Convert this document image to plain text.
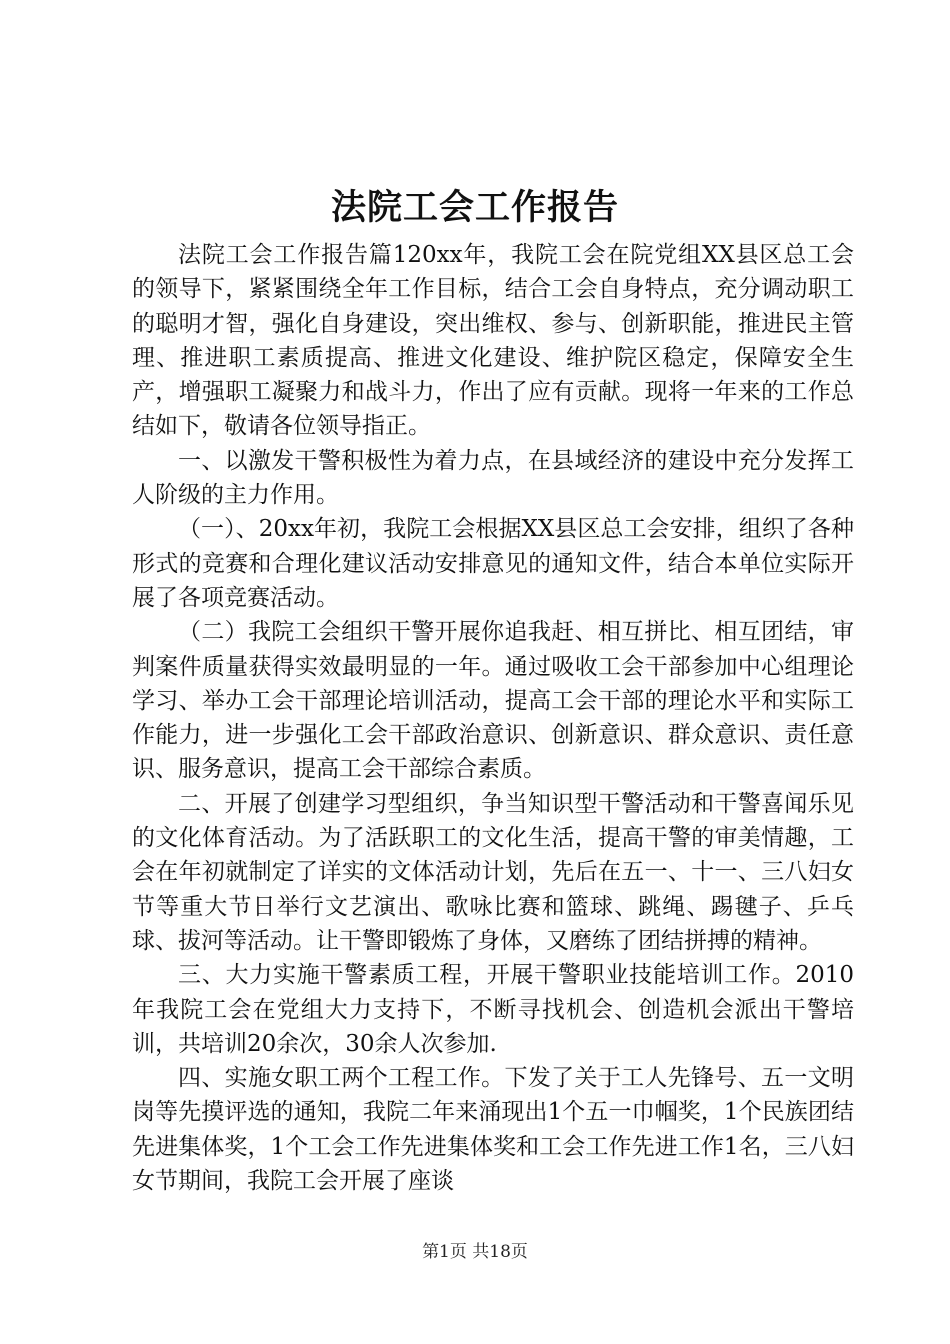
法院工会工作报告

法院工会工作报告篇120xx年，我院工会在院党组XX县区总工会的领导下，紧紧围绕全年工作目标，结合工会自身特点，充分调动职工的聪明才智，强化自身建设，突出维权、参与、创新职能，推进民主管理、推进职工素质提高、推进文化建设、维护院区稳定，保障安全生产，增强职工凝聚力和战斗力，作出了应有贡献。现将一年来的工作总结如下，敬请各位领导指正。

一、以激发干警积极性为着力点，在县域经济的建设中充分发挥工人阶级的主力作用。

（一）、20xx年初，我院工会根据XX县区总工会安排，组织了各种形式的竞赛和合理化建议活动安排意见的通知文件，结合本单位实际开展了各项竞赛活动。

（二）我院工会组织干警开展你追我赶、相互拼比、相互团结，审判案件质量获得实效最明显的一年。通过吸收工会干部参加中心组理论学习、举办工会干部理论培训活动，提高工会干部的理论水平和实际工作能力，进一步强化工会干部政治意识、创新意识、群众意识、责任意识、服务意识，提高工会干部综合素质。

二、开展了创建学习型组织，争当知识型干警活动和干警喜闻乐见的文化体育活动。为了活跃职工的文化生活，提高干警的审美情趣，工会在年初就制定了详实的文体活动计划，先后在五一、十一、三八妇女节等重大节日举行文艺演出、歌咏比赛和篮球、跳绳、踢毽子、乒乓球、拔河等活动。让干警即锻炼了身体，又磨练了团结拼搏的精神。

三、大力实施干警素质工程，开展干警职业技能培训工作。2010年我院工会在党组大力支持下，不断寻找机会、创造机会派出干警培训，共培训20余次，30余人次参加.

四、实施女职工两个工程工作。下发了关于工人先锋号、五一文明岗等先摸评选的通知，我院二年来涌现出1个五一巾帼奖，1个民族团结先进集体奖，1个工会工作先进集体奖和工会工作先进工作1名，三八妇女节期间，我院工会开展了座谈

第1页 共18页
